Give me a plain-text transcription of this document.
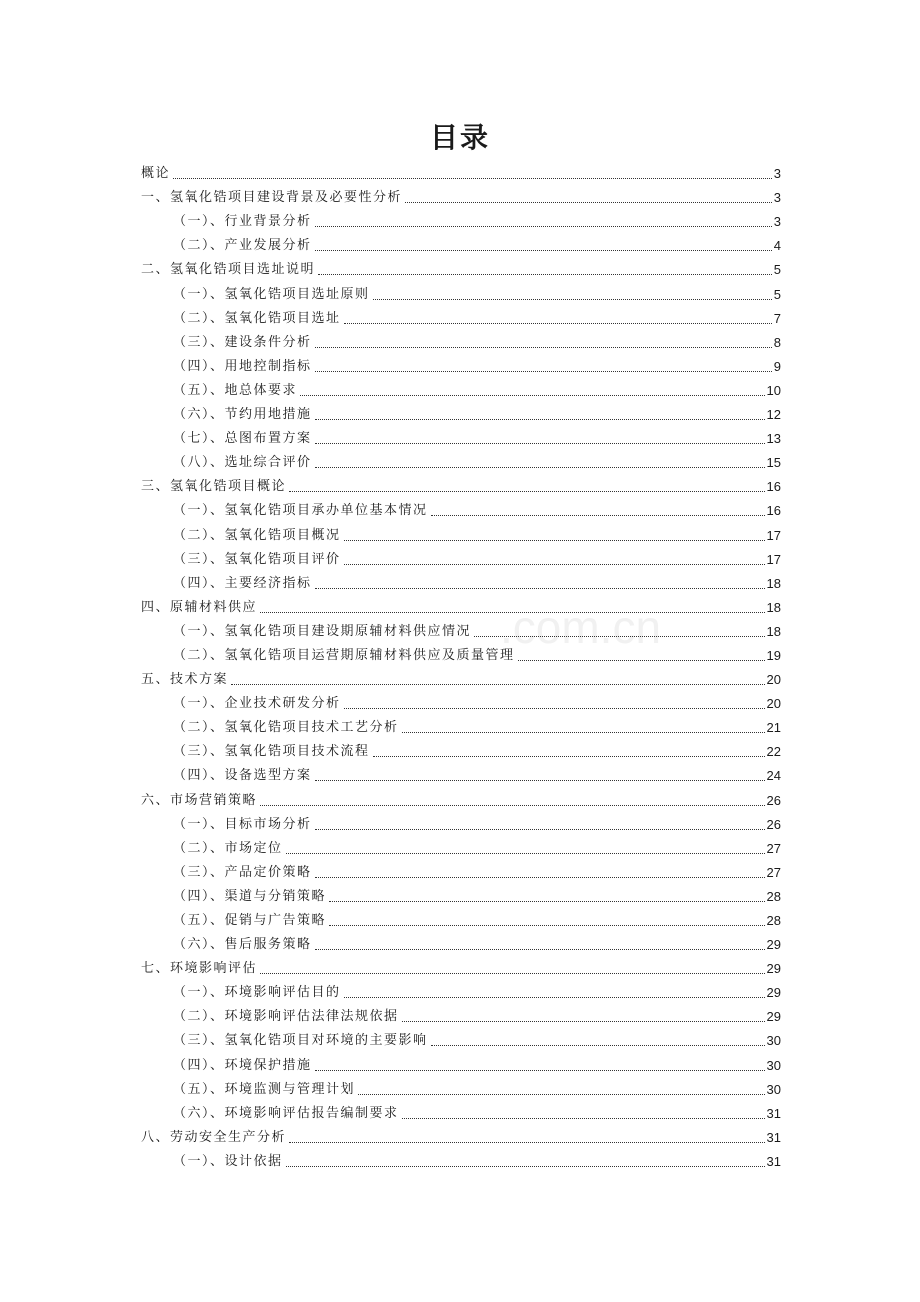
目录
.com.cn
概论	3
一、氢氧化锆项目建设背景及必要性分析	3
（一）、行业背景分析	3
（二）、产业发展分析	4
二、氢氧化锆项目选址说明	5
（一）、氢氧化锆项目选址原则	5
（二）、氢氧化锆项目选址	7
（三）、建设条件分析	8
（四）、用地控制指标	9
（五）、地总体要求	10
（六）、节约用地措施	12
（七）、总图布置方案	13
（八）、选址综合评价	15
三、氢氧化锆项目概论	16
（一）、氢氧化锆项目承办单位基本情况	16
（二）、氢氧化锆项目概况	17
（三）、氢氧化锆项目评价	17
（四）、主要经济指标	18
四、原辅材料供应	18
（一）、氢氧化锆项目建设期原辅材料供应情况	18
（二）、氢氧化锆项目运营期原辅材料供应及质量管理	19
五、技术方案	20
（一）、企业技术研发分析	20
（二）、氢氧化锆项目技术工艺分析	21
（三）、氢氧化锆项目技术流程	22
（四）、设备选型方案	24
六、市场营销策略	26
（一）、目标市场分析	26
（二）、市场定位	27
（三）、产品定价策略	27
（四）、渠道与分销策略	28
（五）、促销与广告策略	28
（六）、售后服务策略	29
七、环境影响评估	29
（一）、环境影响评估目的	29
（二）、环境影响评估法律法规依据	29
（三）、氢氧化锆项目对环境的主要影响	30
（四）、环境保护措施	30
（五）、环境监测与管理计划	30
（六）、环境影响评估报告编制要求	31
八、劳动安全生产分析	31
（一）、设计依据	31
